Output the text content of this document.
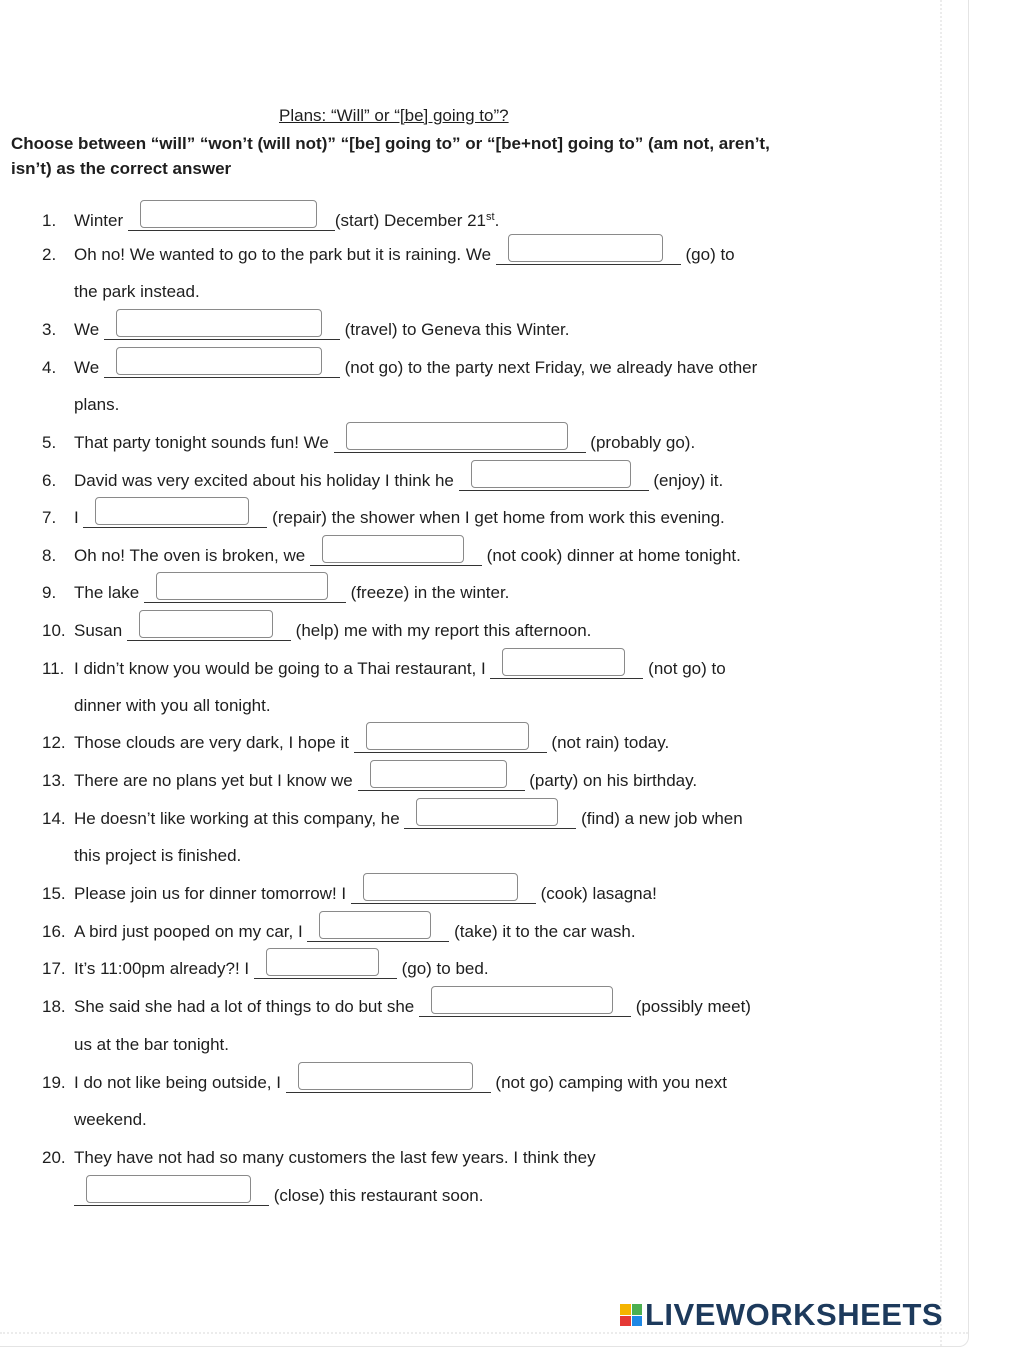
Plans: “Will” or “[be] going to”?
Choose between “will” “won’t (will not)” “[be] going to” or “[be+not] going to” (am not, aren’t, isn’t) as the correct answer
1. Winter	(start) December 21st.
2. Oh no! We wanted to go to the park but it is raining. We	(go) to
the park instead.
3. We	(travel) to Geneva this Winter.
4. We	(not go) to the party next Friday, we already have other
plans.
5. That party tonight sounds fun! We	(probably go).
6. David was very excited about his holiday I think he	(enjoy) it.
7. I	(repair) the shower when I get home from work this evening.
8. Oh no! The oven is broken, we	(not cook) dinner at home tonight.
9. The lake	(freeze) in the winter.
10. Susan	(help) me with my report this afternoon.
11. I didn’t know you would be going to a Thai restaurant, I	(not go) to
dinner with you all tonight.
12. Those clouds are very dark, I hope it	(not rain) today.
13. There are no plans yet but I know we	(party) on his birthday.
14. He doesn’t like working at this company, he	(find) a new job when
this project is finished.
15. Please join us for dinner tomorrow! I	(cook) lasagna!
16. A bird just pooped on my car, I	(take) it to the car wash.
17. It’s 11:00pm already?! I	(go) to bed.
18. She said she had a lot of things to do but she	(possibly meet)
us at the bar tonight.
19. I do not like being outside, I	(not go) camping with you next
weekend.
20. They have not had so many customers the last few years. I think they
(close) this restaurant soon.
LIVEWORKSHEETS
